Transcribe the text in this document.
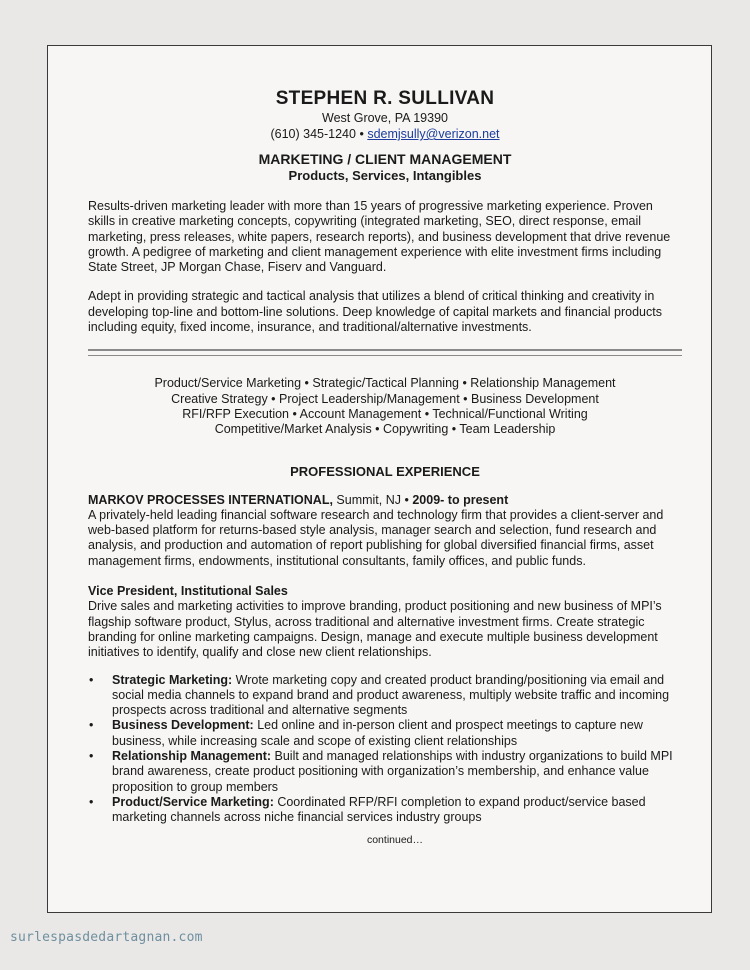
STEPHEN R. SULLIVAN
West Grove, PA 19390
(610) 345-1240 • sdemjsully@verizon.net
MARKETING / CLIENT MANAGEMENT
Products, Services, Intangibles

Results-driven marketing leader with more than 15 years of progressive marketing experience. Proven skills in creative marketing concepts, copywriting (integrated marketing, SEO, direct response, email marketing, press releases, white papers, research reports), and business development that drive revenue growth. A pedigree of marketing and client management experience with elite investment firms including State Street, JP Morgan Chase, Fiserv and Vanguard.

Adept in providing strategic and tactical analysis that utilizes a blend of critical thinking and creativity in developing top-line and bottom-line solutions. Deep knowledge of capital markets and financial products including equity, fixed income, insurance, and traditional/alternative investments.

Product/Service Marketing • Strategic/Tactical Planning • Relationship Management
Creative Strategy • Project Leadership/Management • Business Development
RFI/RFP Execution • Account Management • Technical/Functional Writing
Competitive/Market Analysis • Copywriting • Team Leadership
PROFESSIONAL EXPERIENCE
MARKOV PROCESSES INTERNATIONAL, Summit, NJ • 2009- to present

A privately-held leading financial software research and technology firm that provides a client-server and web-based platform for returns-based style analysis, manager search and selection, fund research and analysis, and production and automation of report publishing for global diversified financial firms, asset management firms, endowments, institutional consultants, family offices, and public funds.

Vice President, Institutional Sales

Drive sales and marketing activities to improve branding, product positioning and new business of MPI’s flagship software product, Stylus, across traditional and alternative investment firms. Create strategic branding for online marketing campaigns. Design, manage and execute multiple business development initiatives to identify, qualify and close new client relationships.

• Strategic Marketing: Wrote marketing copy and created product branding/positioning via email and social media channels to expand brand and product awareness, multiply website traffic and incoming prospects across traditional and alternative segments
• Business Development: Led online and in-person client and prospect meetings to capture new business, while increasing scale and scope of existing client relationships
• Relationship Management: Built and managed relationships with industry organizations to build MPI brand awareness, create product positioning with organization’s membership, and enhance value proposition to group members
• Product/Service Marketing: Coordinated RFP/RFI completion to expand product/service based marketing channels across niche financial services industry groups
continued…
surlespasdedartagnan.com
